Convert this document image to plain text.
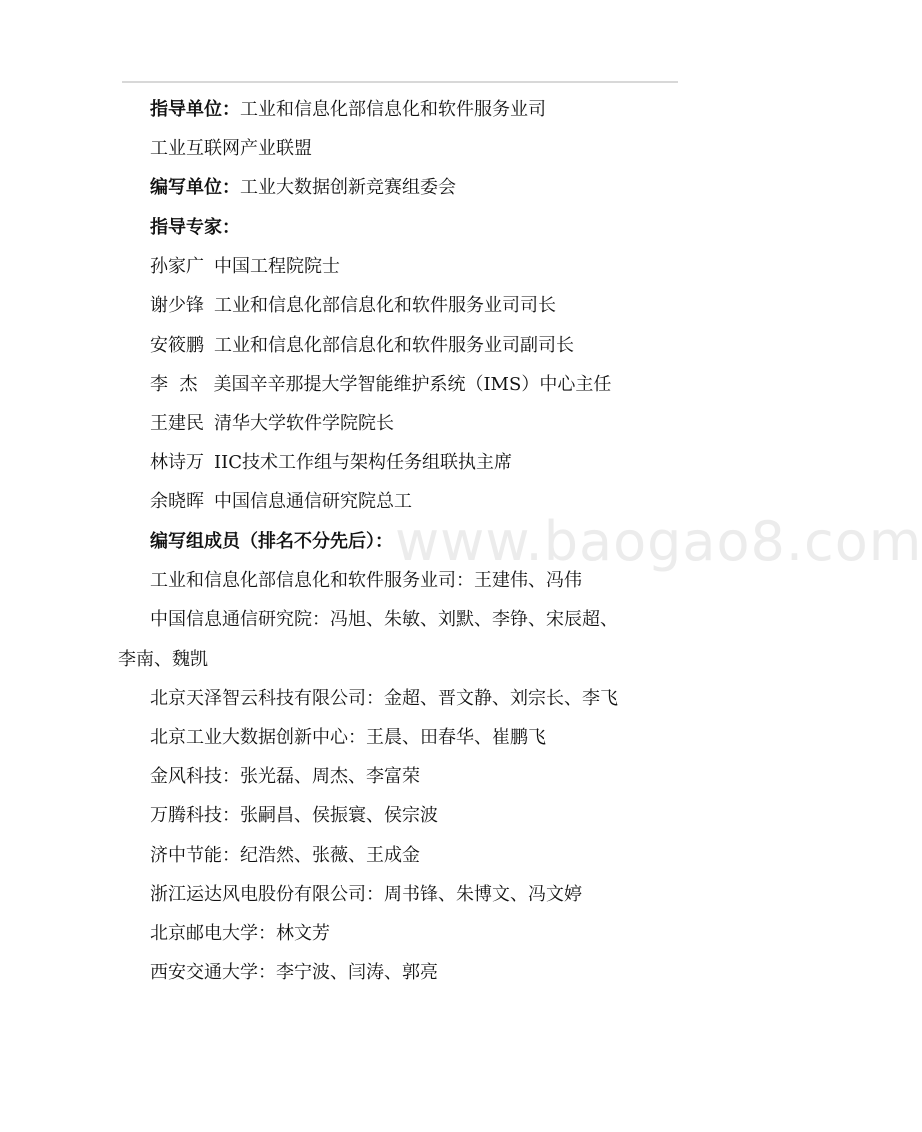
www.baogao8.com
指导单位：工业和信息化部信息化和软件服务业司
工业互联网产业联盟
编写单位：工业大数据创新竞赛组委会
指导专家：
孙家广 中国工程院院士
谢少锋 工业和信息化部信息化和软件服务业司司长
安筱鹏 工业和信息化部信息化和软件服务业司副司长
李  杰 美国辛辛那提大学智能维护系统（IMS）中心主任
王建民 清华大学软件学院院长
林诗万 IIC技术工作组与架构任务组联执主席
余晓晖 中国信息通信研究院总工
编写组成员（排名不分先后）：
工业和信息化部信息化和软件服务业司：王建伟、冯伟
中国信息通信研究院：冯旭、朱敏、刘默、李铮、宋辰超、
李南、魏凯
北京天泽智云科技有限公司：金超、晋文静、刘宗长、李飞
北京工业大数据创新中心：王晨、田春华、崔鹏飞
金风科技：张光磊、周杰、李富荣
万腾科技：张嗣昌、侯振寰、侯宗波
济中节能：纪浩然、张薇、王成金
浙江运达风电股份有限公司：周书锋、朱博文、冯文婷
北京邮电大学：林文芳
西安交通大学：李宁波、闫涛、郭亮
